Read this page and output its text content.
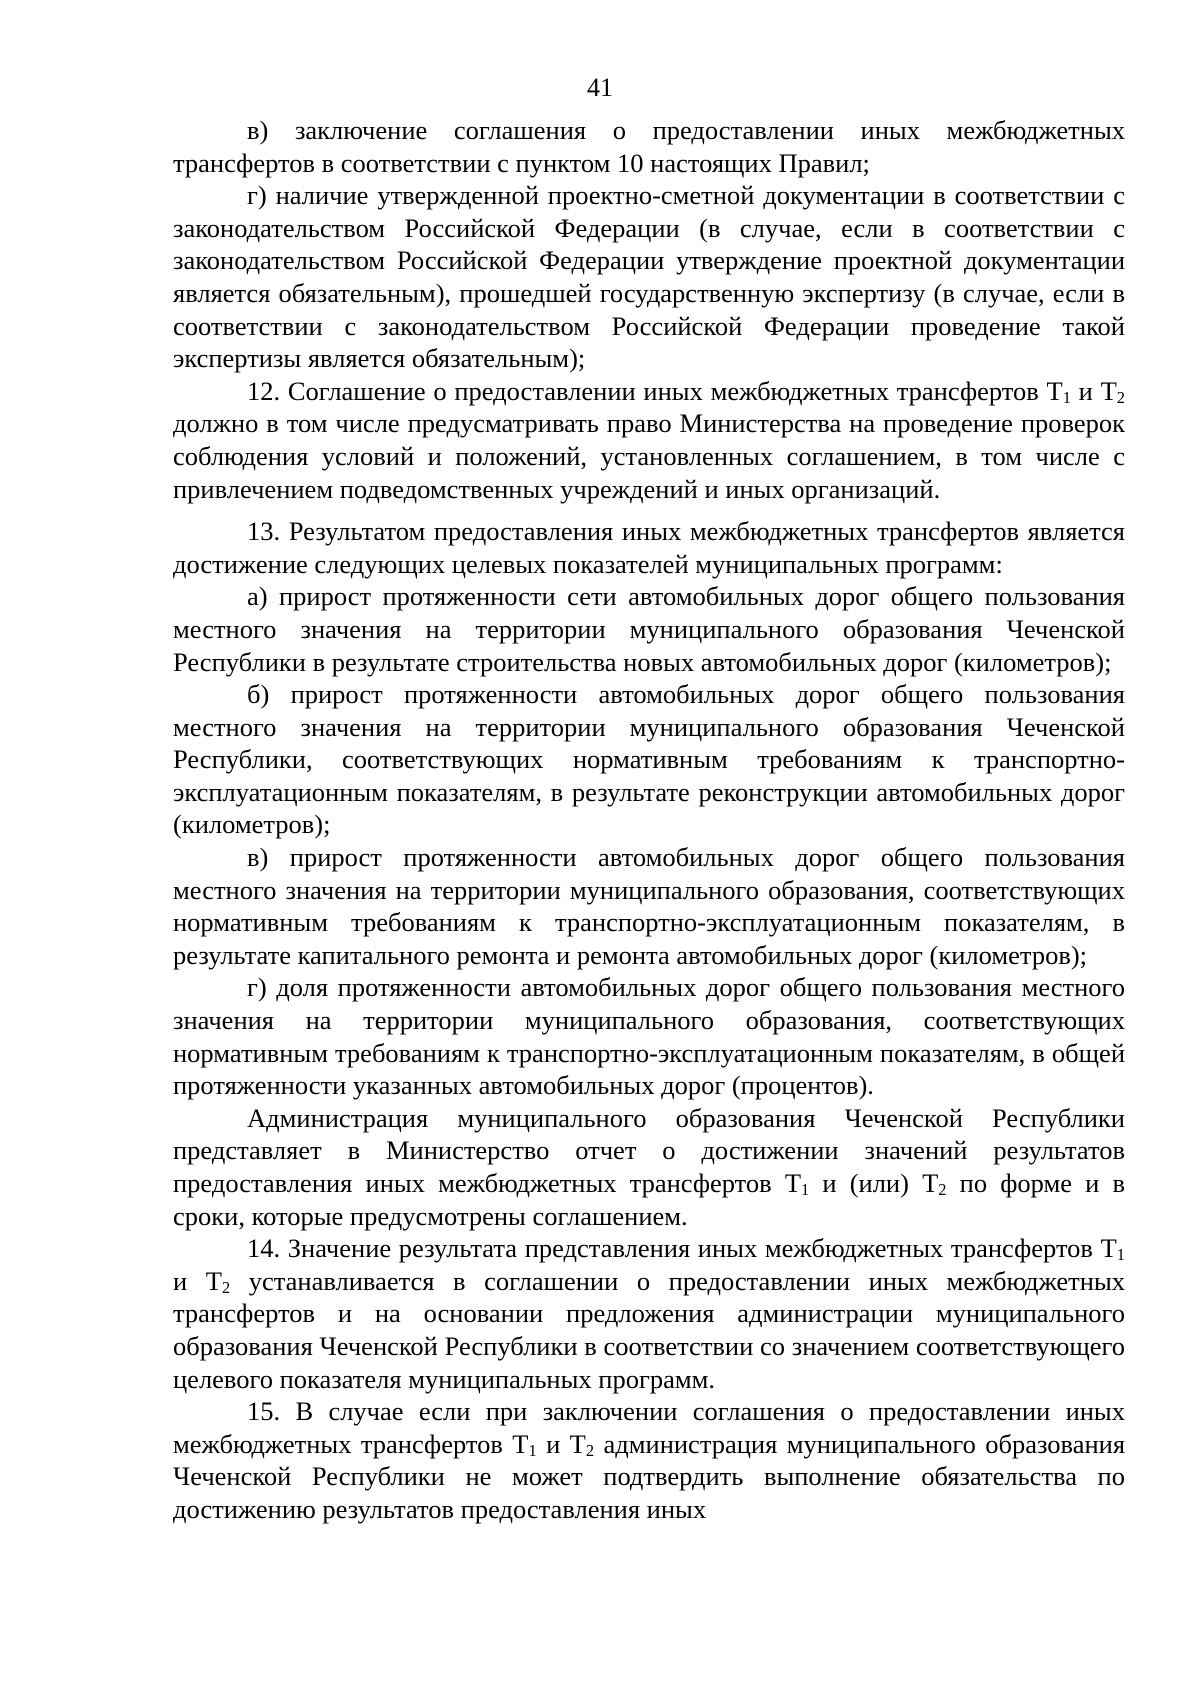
41

в) заключение соглашения о предоставлении иных межбюджетных трансфертов в соответствии с пунктом 10 настоящих Правил;

г) наличие утвержденной проектно-сметной документации в соответствии с законодательством Российской Федерации (в случае, если в соответствии с законодательством Российской Федерации утверждение проектной документации является обязательным), прошедшей государственную экспертизу (в случае, если в соответствии с законодательством Российской Федерации проведение такой экспертизы является обязательным);

12. Соглашение о предоставлении иных межбюджетных трансфертов $Т_1$ и $Т_2$ должно в том числе предусматривать право Министерства на проведение проверок соблюдения условий и положений, установленных соглашением, в том числе с привлечением подведомственных учреждений и иных организаций.

13. Результатом предоставления иных межбюджетных трансфертов является достижение следующих целевых показателей муниципальных программ:

а) прирост протяженности сети автомобильных дорог общего пользования местного значения на территории муниципального образования Чеченской Республики в результате строительства новых автомобильных дорог (километров);

б) прирост протяженности автомобильных дорог общего пользования местного значения на территории муниципального образования Чеченской Республики, соответствующих нормативным требованиям к транспортно-эксплуатационным показателям, в результате реконструкции автомобильных дорог (километров);

в) прирост протяженности автомобильных дорог общего пользования местного значения на территории муниципального образования, соответствующих нормативным требованиям к транспортно-эксплуатационным показателям, в результате капитального ремонта и ремонта автомобильных дорог (километров);

г) доля протяженности автомобильных дорог общего пользования местного значения на территории муниципального образования, соответствующих нормативным требованиям к транспортно-эксплуатационным показателям, в общей протяженности указанных автомобильных дорог (процентов).

Администрация муниципального образования Чеченской Республики представляет в Министерство отчет о достижении значений результатов предоставления иных межбюджетных трансфертов $Т_1$ и (или) $Т_2$ по форме и в сроки, которые предусмотрены соглашением.

14. Значение результата представления иных межбюджетных трансфертов $Т_1$ и $Т_2$ устанавливается в соглашении о предоставлении иных межбюджетных трансфертов и на основании предложения администрации муниципального образования Чеченской Республики в соответствии со значением соответствующего целевого показателя муниципальных программ.

15. В случае если при заключении соглашения о предоставлении иных межбюджетных трансфертов $Т_1$ и $Т_2$ администрация муниципального образования Чеченской Республики не может подтвердить выполнение обязательства по достижению результатов предоставления иных
